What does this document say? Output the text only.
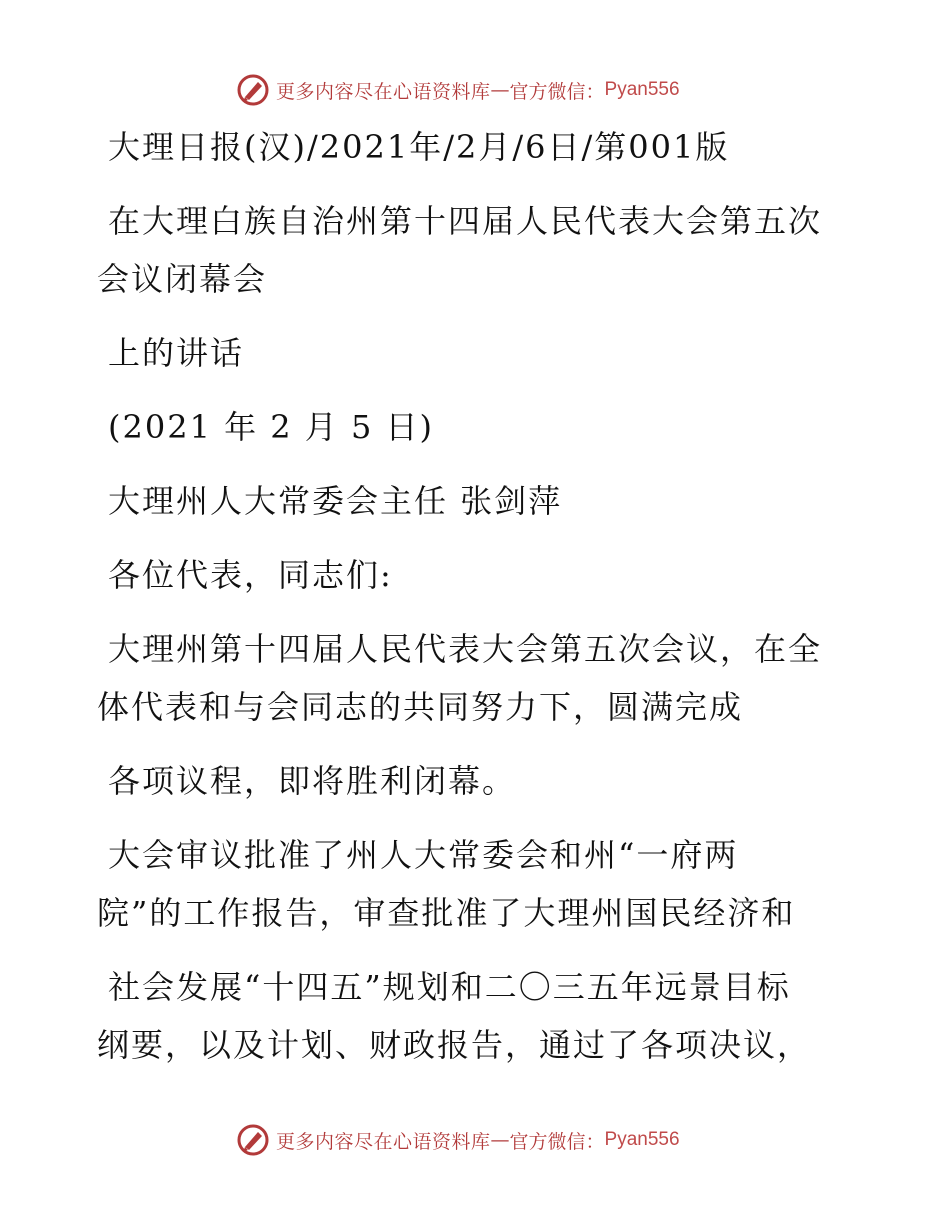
更多内容尽在心语资料库 — 官方微信： Pyan556
大理日报(汉)/2021年/2月/6日/第001版
在大理白族自治州第十四届人民代表大会第五次
会议闭幕会
上的讲话
(2021 年 2 月 5 日)
大理州人大常委会主任 张剑萍
各位代表，同志们:
大理州第十四届人民代表大会第五次会议，在全
体代表和与会同志的共同努力下，圆满完成
各项议程，即将胜利闭幕。
大会审议批准了州人大常委会和州“一府两
院”的工作报告，审查批准了大理州国民经济和
社会发展“十四五”规划和二〇三五年远景目标
纲要，以及计划、财政报告，通过了各项决议，
更多内容尽在心语资料库 — 官方微信： Pyan556
